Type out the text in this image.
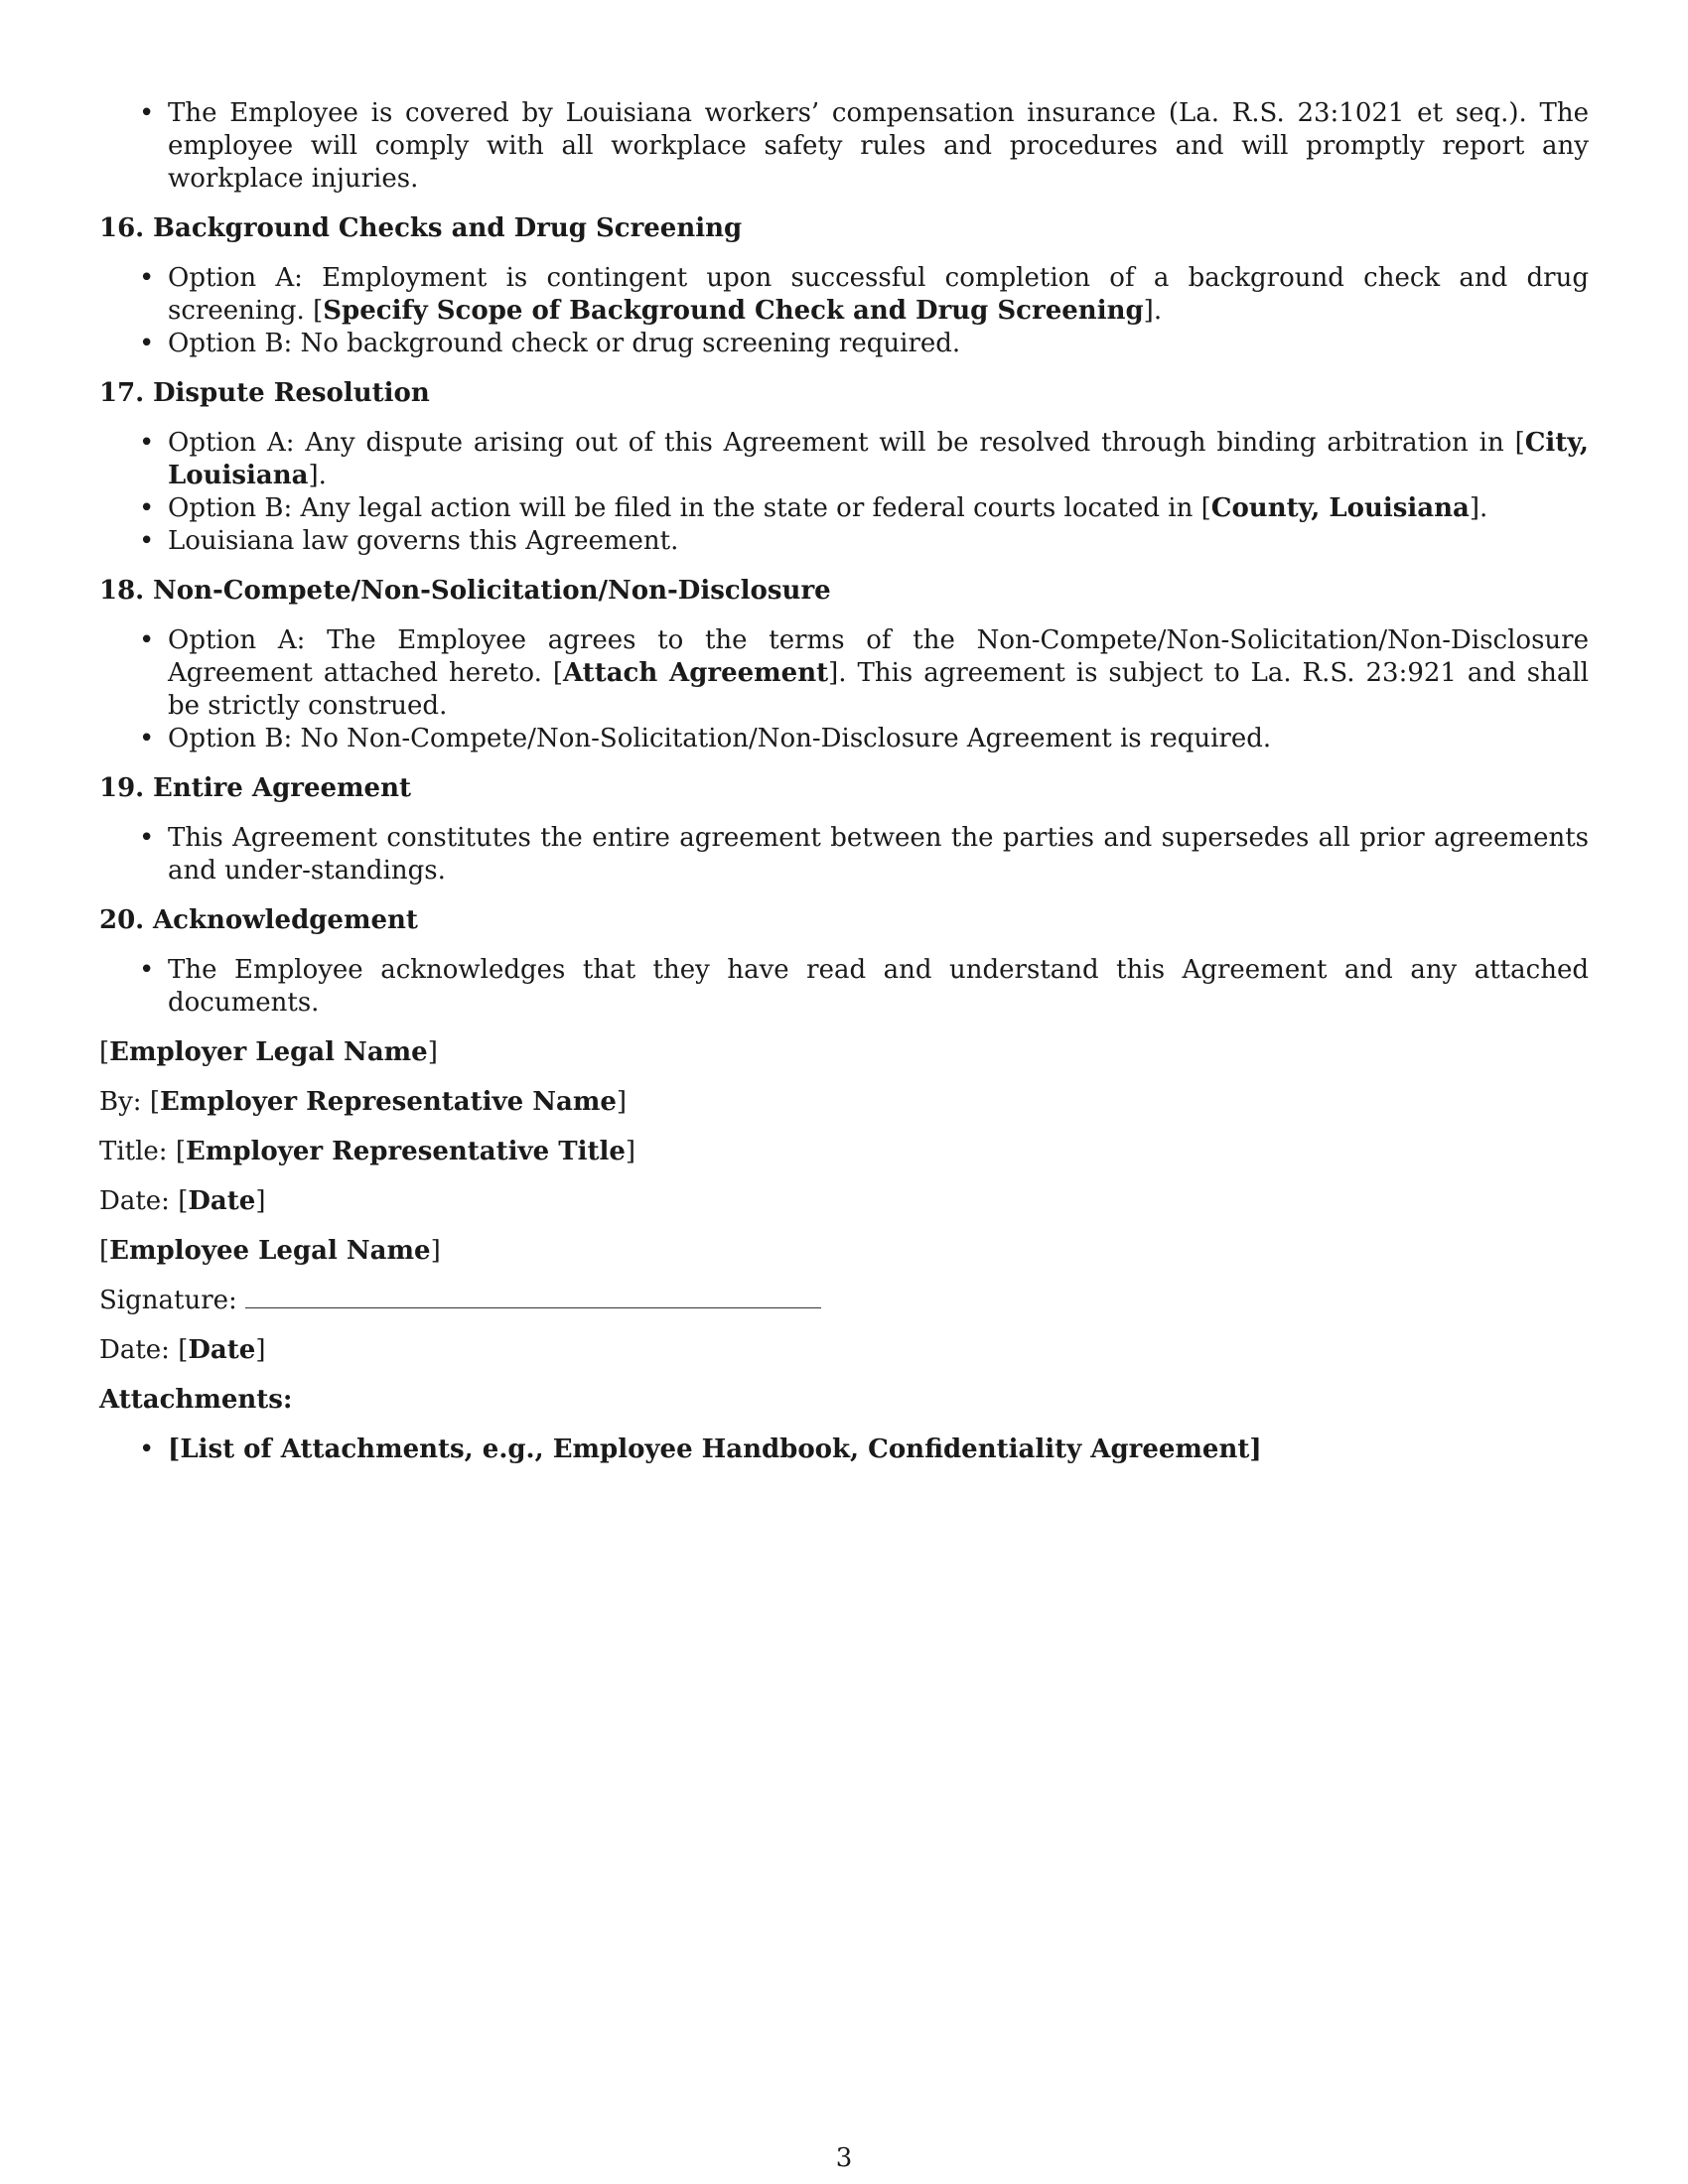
• The Employee is covered by Louisiana workers’ compensation insurance (La. R.S. 23:1021 et seq.). The employee will comply with all workplace safety rules and procedures and will promptly report any workplace injuries.
16. Background Checks and Drug Screening
• Option A: Employment is contingent upon successful completion of a background check and drug screening. [Specify Scope of Background Check and Drug Screening].
• Option B: No background check or drug screening required.
17. Dispute Resolution
• Option A: Any dispute arising out of this Agreement will be resolved through binding arbitration in [City, Louisiana].
• Option B: Any legal action will be filed in the state or federal courts located in [County, Louisiana].
• Louisiana law governs this Agreement.
18. Non-Compete/Non-Solicitation/Non-Disclosure
• Option A: The Employee agrees to the terms of the Non-Compete/Non-Solicitation/Non-Disclosure Agreement attached hereto. [Attach Agreement]. This agreement is subject to La. R.S. 23:921 and shall be strictly construed.
• Option B: No Non-Compete/Non-Solicitation/Non-Disclosure Agreement is required.
19. Entire Agreement
• This Agreement constitutes the entire agreement between the parties and supersedes all prior agreements and under-standings.
20. Acknowledgement
• The Employee acknowledges that they have read and understand this Agreement and any attached documents.

[Employer Legal Name]

By: [Employer Representative Name]

Title: [Employer Representative Title]

Date: [Date]

[Employee Legal Name]

Signature:

Date: [Date]

Attachments:

• [List of Attachments, e.g., Employee Handbook, Confidentiality Agreement]
3
